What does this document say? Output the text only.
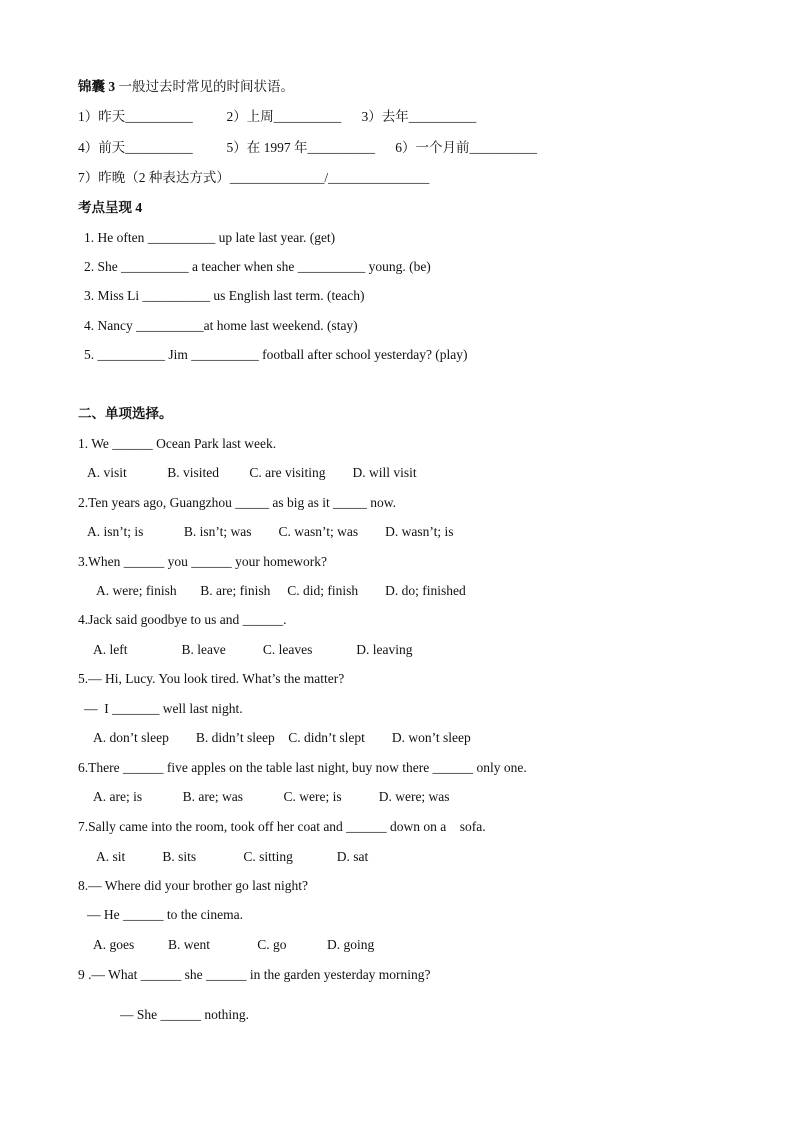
锦囊 3 一般过去时常见的时间状语。
1）昨天__________          2）上周__________      3）去年__________
4）前天__________          5）在 1997 年__________      6）一个月前__________
7）昨晚（2 种表达方式）______________/_______________
考点呈现 4
1. He often __________ up late last year. (get)
2. She __________ a teacher when she __________ young. (be)
3. Miss Li __________ us English last term. (teach)
4. Nancy __________at home last weekend. (stay)
5. __________ Jim __________ football after school yesterday? (play)
二、单项选择。
1. We ______ Ocean Park last week.
A. visit            B. visited         C. are visiting        D. will visit
2.Ten years ago, Guangzhou _____ as big as it _____ now.
A. isn’t; is            B. isn’t; was        C. wasn’t; was        D. wasn’t; is
3.When ______ you ______ your homework?
A. were; finish       B. are; finish     C. did; finish        D. do; finished
4.Jack said goodbye to us and ______.
A. left                B. leave           C. leaves             D. leaving
5.— Hi, Lucy. You look tired. What’s the matter?
—  I _______ well last night.
A. don’t sleep        B. didn’t sleep    C. didn’t slept        D. won’t sleep
6.There ______ five apples on the table last night, buy now there ______ only one.
A. are; is            B. are; was            C. were; is           D. were; was
7.Sally came into the room, took off her coat and ______ down on a    sofa.
A. sit           B. sits              C. sitting             D. sat
8.— Where did your brother go last night?
— He ______ to the cinema.
A. goes          B. went              C. go            D. going
9 .— What ______ she ______ in the garden yesterday morning?
— She ______ nothing.
